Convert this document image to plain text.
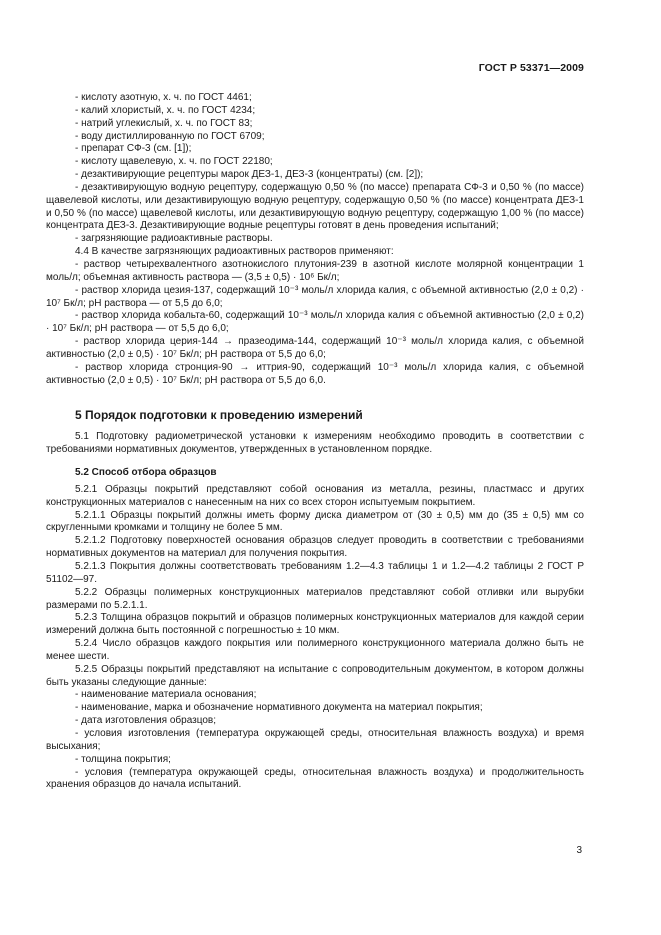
ГОСТ Р 53371—2009

- кислоту азотную, х. ч. по ГОСТ 4461;

- калий хлористый, х. ч. по ГОСТ 4234;

- натрий углекислый, х. ч. по ГОСТ 83;

- воду дистиллированную по ГОСТ 6709;

- препарат СФ-3 (см. [1]);

- кислоту щавелевую, х. ч. по ГОСТ 22180;

- дезактивирующие рецептуры марок ДЕЗ-1, ДЕЗ-3 (концентраты) (см. [2]);

- дезактивирующую водную рецептуру, содержащую 0,50 % (по массе) препарата СФ-3 и 0,50 % (по массе) щавелевой кислоты, или дезактивирующую водную рецептуру, содержащую 0,50 % (по массе) концентрата ДЕЗ-1 и 0,50 % (по массе) щавелевой кислоты, или дезактивирующую водную рецептуру, содержащую 1,00 % (по массе) концентрата ДЕЗ-3. Дезактивирующие водные рецептуры готовят в день проведения испытаний;

- загрязняющие радиоактивные растворы.

4.4 В качестве загрязняющих радиоактивных растворов применяют:

- раствор четырехвалентного азотнокислого плутония-239 в азотной кислоте молярной концентрации 1 моль/л; объемная активность раствора — (3,5 ± 0,5) · 10⁶ Бк/л;

- раствор хлорида цезия-137, содержащий 10⁻³ моль/л хлорида калия, с объемной активностью (2,0 ± 0,2) · 10⁷ Бк/л; pH раствора — от 5,5 до 6,0;

- раствор хлорида кобальта-60, содержащий 10⁻³ моль/л хлорида калия с объемной активностью (2,0 ± 0,2) · 10⁷ Бк/л; pH раствора — от 5,5 до 6,0;

- раствор хлорида церия-144 → празеодима-144, содержащий 10⁻³ моль/л хлорида калия, с объемной активностью (2,0 ± 0,5) · 10⁷ Бк/л; pH раствора от 5,5 до 6,0;

- раствор хлорида стронция-90 → иттрия-90, содержащий 10⁻³ моль/л хлорида калия, с объемной активностью (2,0 ± 0,5) · 10⁷ Бк/л; pH раствора от 5,5 до 6,0.

5 Порядок подготовки к проведению измерений

5.1 Подготовку радиометрической установки к измерениям необходимо проводить в соответствии с требованиями нормативных документов, утвержденных в установленном порядке.

5.2 Способ отбора образцов

5.2.1 Образцы покрытий представляют собой основания из металла, резины, пластмасс и других конструкционных материалов с нанесенным на них со всех сторон испытуемым покрытием.

5.2.1.1 Образцы покрытий должны иметь форму диска диаметром от (30 ± 0,5) мм до (35 ± 0,5) мм со скругленными кромками и толщину не более 5 мм.

5.2.1.2 Подготовку поверхностей основания образцов следует проводить в соответствии с требованиями нормативных документов на материал для получения покрытия.

5.2.1.3 Покрытия должны соответствовать требованиям 1.2—4.3 таблицы 1 и 1.2—4.2 таблицы 2 ГОСТ Р 51102—97.

5.2.2 Образцы полимерных конструкционных материалов представляют собой отливки или вырубки размерами по 5.2.1.1.

5.2.3 Толщина образцов покрытий и образцов полимерных конструкционных материалов для каждой серии измерений должна быть постоянной с погрешностью ± 10 мкм.

5.2.4 Число образцов каждого покрытия или полимерного конструкционного материала должно быть не менее шести.

5.2.5 Образцы покрытий представляют на испытание с сопроводительным документом, в котором должны быть указаны следующие данные:

- наименование материала основания;

- наименование, марка и обозначение нормативного документа на материал покрытия;

- дата изготовления образцов;

- условия изготовления (температура окружающей среды, относительная влажность воздуха) и время высыхания;

- толщина покрытия;

- условия (температура окружающей среды, относительная влажность воздуха) и продолжительность хранения образцов до начала испытаний.

3
